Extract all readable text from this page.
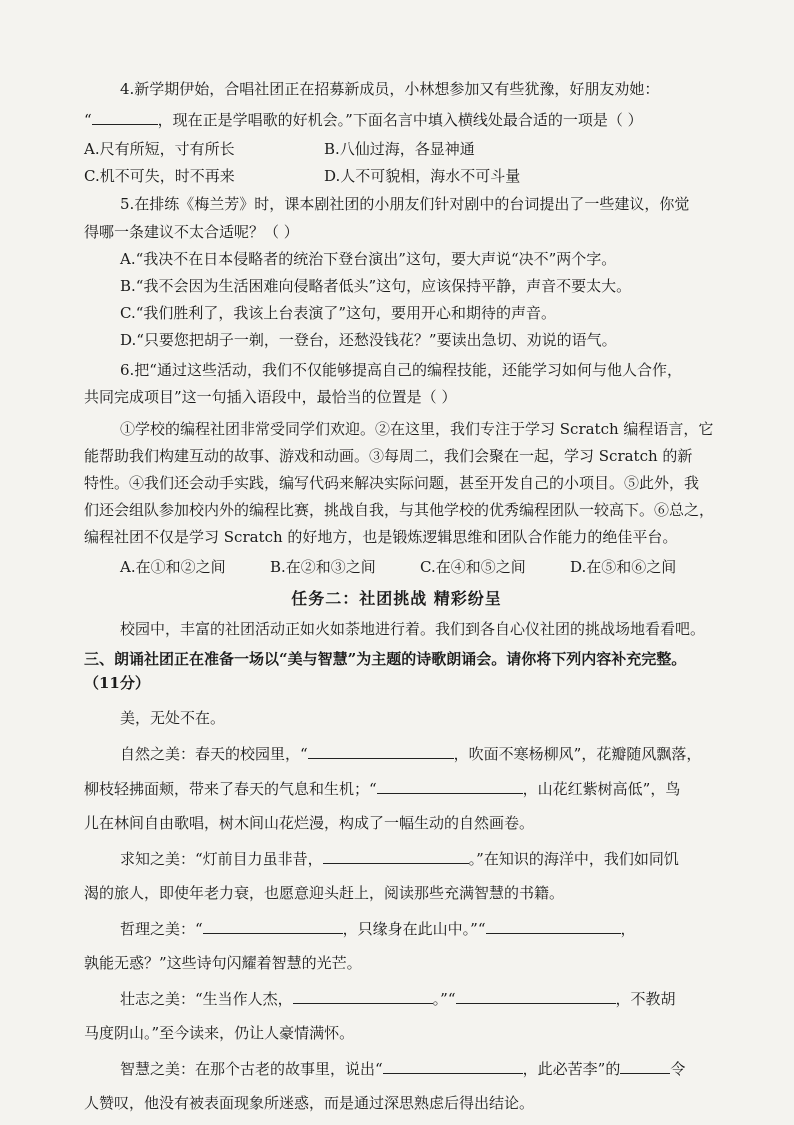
4.新学期伊始，合唱社团正在招募新成员，小林想参加又有些犹豫，好朋友劝她：
“	，现在正是学唱歌的好机会。”下面名言中填入横线处最合适的一项是（ ）
A.尺有所短，寸有所长	B.八仙过海，各显神通
C.机不可失，时不再来	D.人不可貌相，海水不可斗量
5.在排练《梅兰芳》时，课本剧社团的小朋友们针对剧中的台词提出了一些建议，你觉
得哪一条建议不太合适呢？（ ）
A.“我决不在日本侵略者的统治下登台演出”这句，要大声说“决不”两个字。
B.“我不会因为生活困难向侵略者低头”这句，应该保持平静，声音不要太大。
C.“我们胜利了，我该上台表演了”这句，要用开心和期待的声音。
D.“只要您把胡子一剃，一登台，还愁没钱花？”要读出急切、劝说的语气。
6.把“通过这些活动，我们不仅能够提高自己的编程技能，还能学习如何与他人合作，
共同完成项目”这一句插入语段中，最恰当的位置是（ ）
①学校的编程社团非常受同学们欢迎。②在这里，我们专注于学习 Scratch 编程语言，它
能帮助我们构建互动的故事、游戏和动画。③每周二，我们会聚在一起，学习 Scratch 的新
特性。④我们还会动手实践，编写代码来解决实际问题，甚至开发自己的小项目。⑤此外，我
们还会组队参加校内外的编程比赛，挑战自我，与其他学校的优秀编程团队一较高下。⑥总之，
编程社团不仅是学习 Scratch 的好地方，也是锻炼逻辑思维和团队合作能力的绝佳平台。
A.在①和②之间	B.在②和③之间	C.在④和⑤之间	D.在⑤和⑥之间
任务二：社团挑战 精彩纷呈
校园中，丰富的社团活动正如火如荼地进行着。我们到各自心仪社团的挑战场地看看吧。
三、朗诵社团正在准备一场以“美与智慧”为主题的诗歌朗诵会。请你将下列内容补充完整。
（11分）
美，无处不在。
自然之美：春天的校园里，“	，吹面不寒杨柳风”，花瓣随风飘落，
柳枝轻拂面颊，带来了春天的气息和生机；“	，山花红紫树高低”，鸟
儿在林间自由歌唱，树木间山花烂漫，构成了一幅生动的自然画卷。
求知之美：“灯前目力虽非昔，	。”在知识的海洋中，我们如同饥
渴的旅人，即使年老力衰，也愿意迎头赶上，阅读那些充满智慧的书籍。
哲理之美：“	，只缘身在此山中。”“	，
孰能无惑？”这些诗句闪耀着智慧的光芒。
壮志之美：“生当作人杰，	。”“	，不教胡
马度阴山。”至今读来，仍让人豪情满怀。
智慧之美：在那个古老的故事里，说出“	，此必苦李”的	令
人赞叹，他没有被表面现象所迷惑，而是通过深思熟虑后得出结论。
